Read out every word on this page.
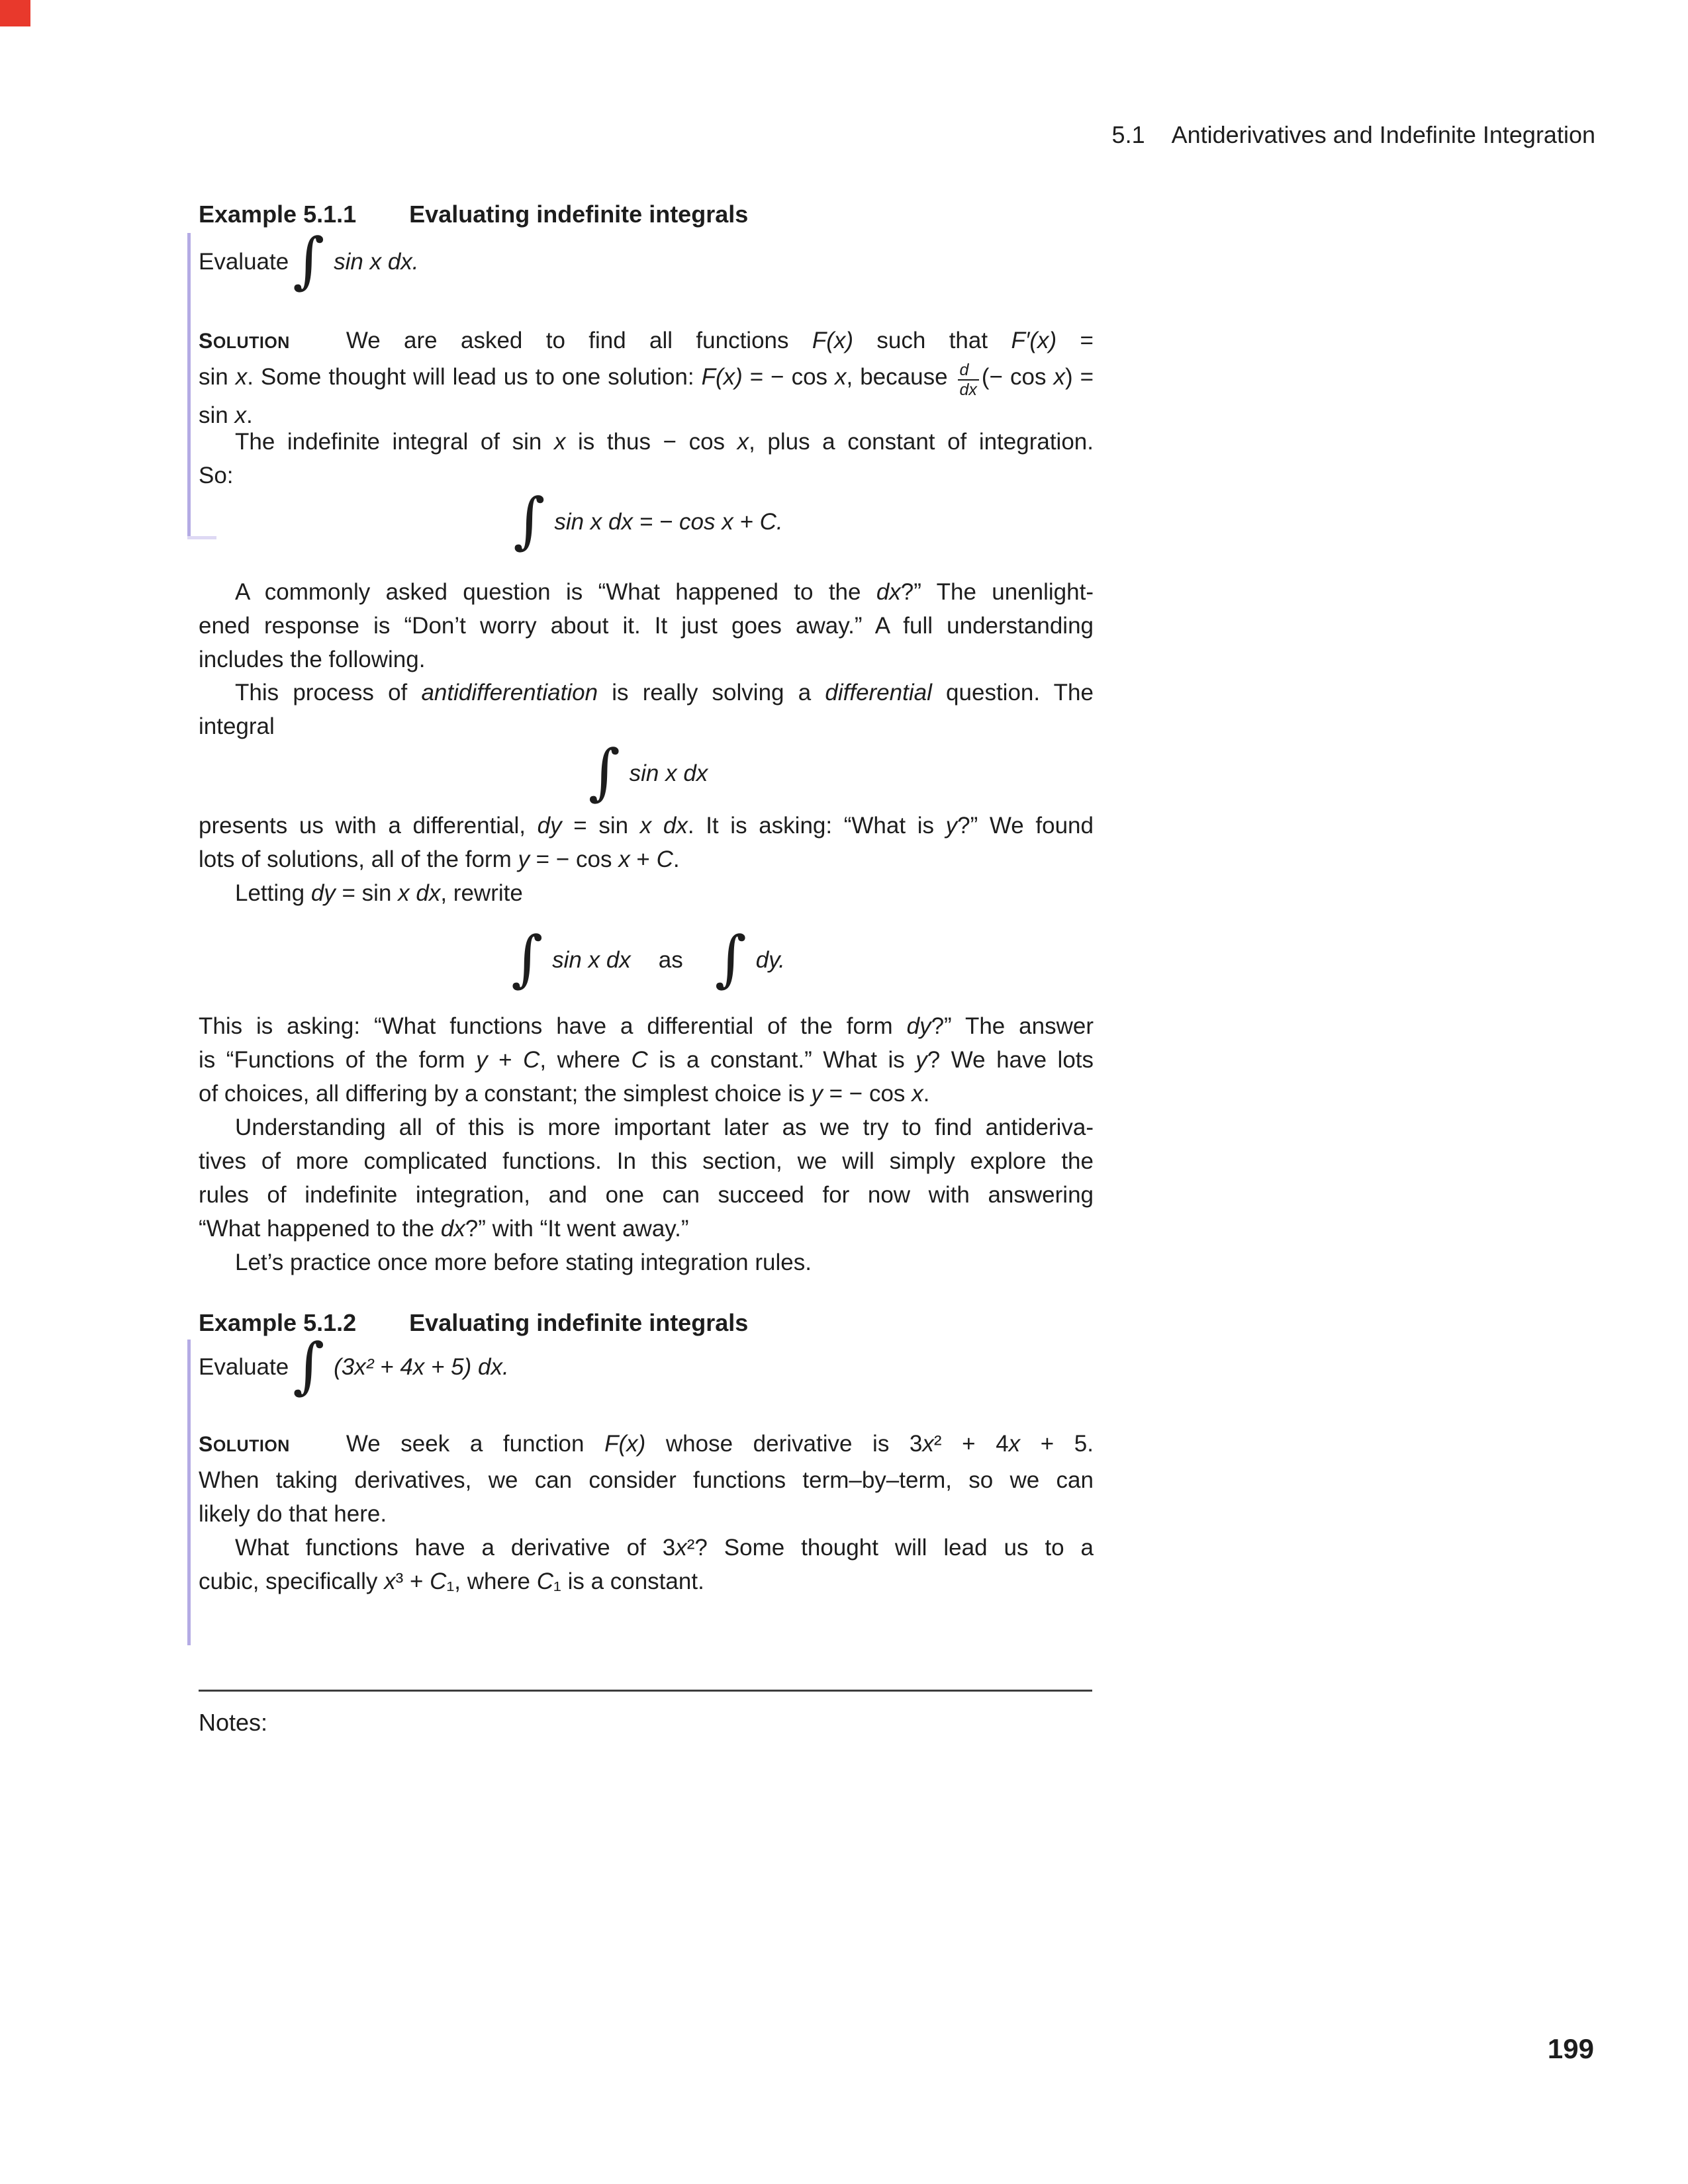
5.1 Antiderivatives and Indefinite Integration
Example 5.1.1 Evaluating indefinite integrals
Evaluate∫ sin x dx.
SOLUTION We are asked to find all functions F(x) such that F′(x) =
sin x. Some thought will lead us to one solution: F(x) = − cos x, because $\frac{d}{dx}$ (− cos x) =
sin x.
The indefinite integral of sin x is thus − cos x, plus a constant of integration.
So:
∫ sin x dx = − cos x + C.
A commonly asked question is “What happened to the dx?” The unenlight-
ened response is “Don’t worry about it. It just goes away.” A full understanding
includes the following.
This process of antidifferentiation is really solving a differential question. The
integral
∫ sin x dx
presents us with a differential, dy = sin x dx. It is asking: “What is y?” We found
lots of solutions, all of the form y = − cos x + C.
Letting dy = sin x dx, rewrite
∫ sin x dx as ∫ dy.
This is asking: “What functions have a differential of the form dy?” The answer
is “Functions of the form y + C, where C is a constant.” What is y? We have lots
of choices, all differing by a constant; the simplest choice is y = − cos x.
Understanding all of this is more important later as we try to find antideriva-
tives of more complicated functions. In this section, we will simply explore the
rules of indefinite integration, and one can succeed for now with answering
“What happened to the dx?” with “It went away.”
Let’s practice once more before stating integration rules.
Example 5.1.2 Evaluating indefinite integrals
Evaluate∫ (3x² + 4x + 5) dx.
SOLUTION We seek a function F(x) whose derivative is 3x² + 4x + 5.
When taking derivatives, we can consider functions term–by–term, so we can
likely do that here.
What functions have a derivative of 3x²? Some thought will lead us to a
cubic, specifically x³ + C₁, where C₁ is a constant.
Notes:
199
